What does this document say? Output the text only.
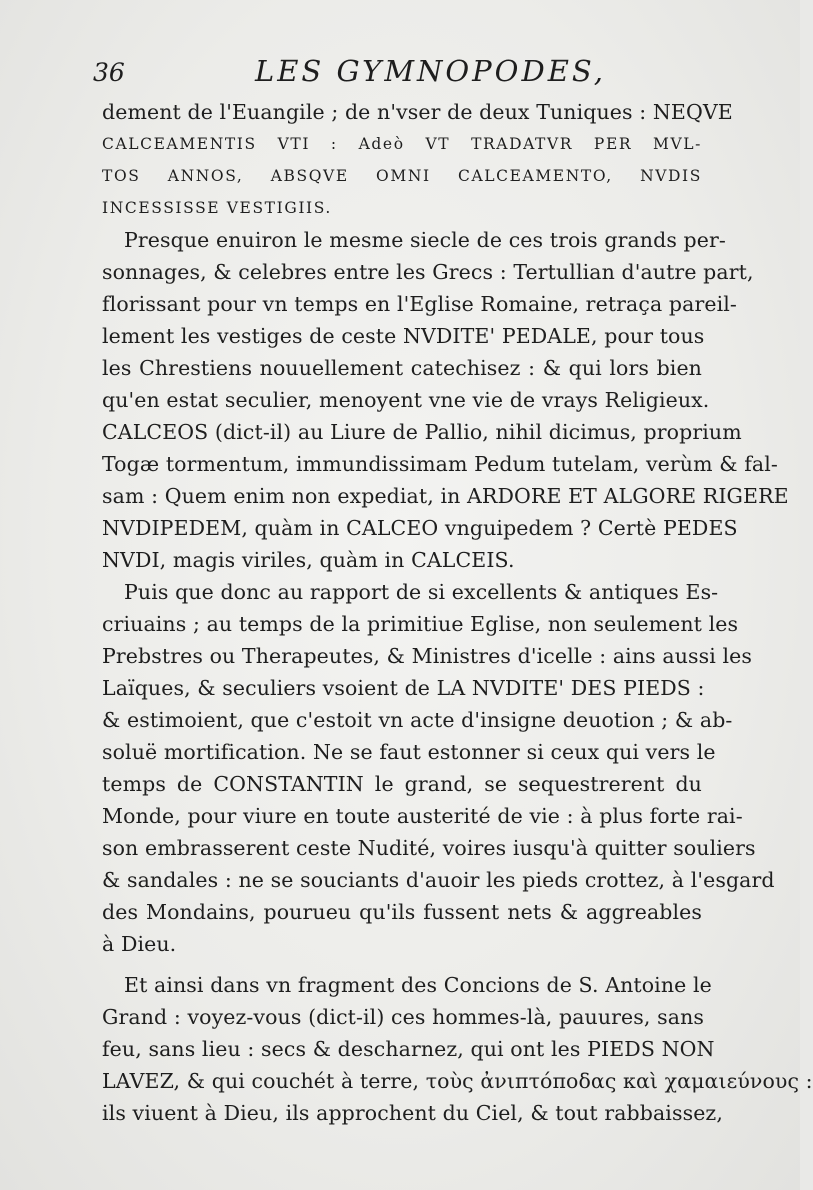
36	LES GYMNOPODES,
dement de l'Euangile ; de n'vser de deux Tuniques : NEQVE
CALCEAMENTIS VTI : Adeò VT TRADATVR PER MVL-
TOS ANNOS, ABSQVE OMNI CALCEAMENTO, NVDIS
INCESSISSE VESTIGIIS.
Presque enuiron le mesme siecle de ces trois grands per-
sonnages, & celebres entre les Grecs : Tertullian d'autre part,
florissant pour vn temps en l'Eglise Romaine, retraça pareil-
lement les vestiges de ceste NVDITE' PEDALE, pour tous
les Chrestiens nouuellement catechisez : & qui lors bien
qu'en estat seculier, menoyent vne vie de vrays Religieux.
CALCEOS (dict-il) au Liure de Pallio, nihil dicimus, proprium
Togæ tormentum, immundissimam Pedum tutelam, verùm & fal-
sam : Quem enim non expediat, in ARDORE ET ALGORE RIGERE
NVDIPEDEM, quàm in CALCEO vnguipedem ? Certè PEDES
NVDI, magis viriles, quàm in CALCEIS.
Puis que donc au rapport de si excellents & antiques Es-
criuains ; au temps de la primitiue Eglise, non seulement les
Prebstres ou Therapeutes, & Ministres d'icelle : ains aussi les
Laïques, & seculiers vsoient de LA NVDITE' DES PIEDS :
& estimoient, que c'estoit vn acte d'insigne deuotion ; & ab-
soluë mortification. Ne se faut estonner si ceux qui vers le
temps de CONSTANTIN le grand, se sequestrerent du
Monde, pour viure en toute austerité de vie : à plus forte rai-
son embrasserent ceste Nudité, voires iusqu'à quitter souliers
& sandales : ne se souciants d'auoir les pieds crottez, à l'esgard
des Mondains, pourueu qu'ils fussent nets & aggreables
à Dieu.
Et ainsi dans vn fragment des Concions de S. Antoine le
Grand : voyez-vous (dict-il) ces hommes-là, pauures, sans
feu, sans lieu : secs & descharnez, qui ont les PIEDS NON
LAVEZ, & qui couchét à terre, τοὺς ἀνιπτόποδας καὶ χαμαιεύνους :
ils viuent à Dieu, ils approchent du Ciel, & tout rabbaissez,
